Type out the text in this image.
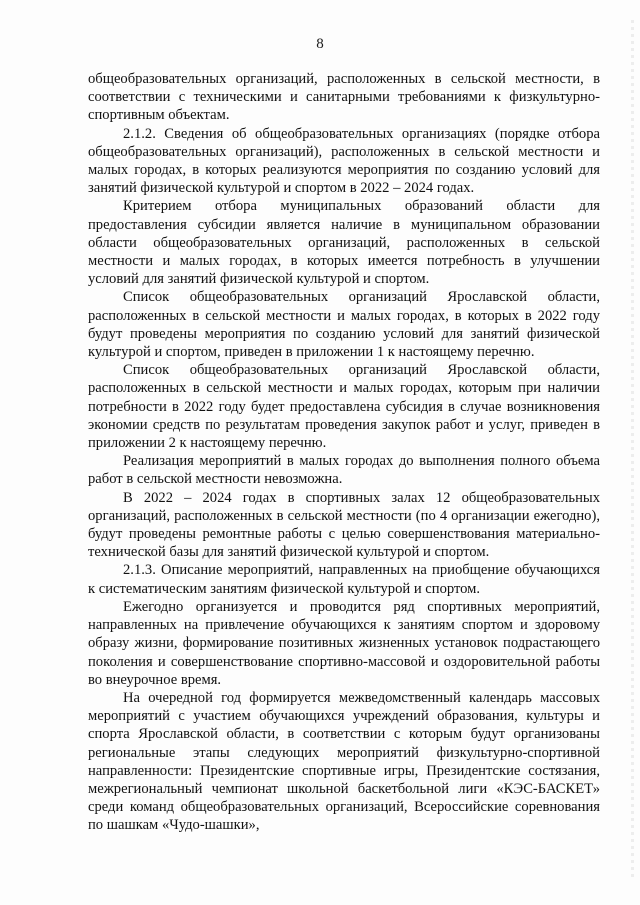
8

общеобразовательных организаций, расположенных в сельской местности, в соответствии с техническими и санитарными требованиями к физкультурно-спортивным объектам.

2.1.2. Сведения об общеобразовательных организациях (порядке отбора общеобразовательных организаций), расположенных в сельской местности и малых городах, в которых реализуются мероприятия по созданию условий для занятий физической культурой и спортом в 2022 – 2024 годах.

Критерием отбора муниципальных образований области для предоставления субсидии является наличие в муниципальном образовании области общеобразовательных организаций, расположенных в сельской местности и малых городах, в которых имеется потребность в улучшении условий для занятий физической культурой и спортом.

Список общеобразовательных организаций Ярославской области, расположенных в сельской местности и малых городах, в которых в 2022 году будут проведены мероприятия по созданию условий для занятий физической культурой и спортом, приведен в приложении 1 к настоящему перечню.

Список общеобразовательных организаций Ярославской области, расположенных в сельской местности и малых городах, которым при наличии потребности в 2022 году будет предоставлена субсидия в случае возникновения экономии средств по результатам проведения закупок работ и услуг, приведен в приложении 2 к настоящему перечню.

Реализация мероприятий в малых городах до выполнения полного объема работ в сельской местности невозможна.

В 2022 – 2024 годах в спортивных залах 12 общеобразовательных организаций, расположенных в сельской местности (по 4 организации ежегодно), будут проведены ремонтные работы с целью совершенствования материально-технической базы для занятий физической культурой и спортом.

2.1.3. Описание мероприятий, направленных на приобщение обучающихся к систематическим занятиям физической культурой и спортом.

Ежегодно организуется и проводится ряд спортивных мероприятий, направленных на привлечение обучающихся к занятиям спортом и здоровому образу жизни, формирование позитивных жизненных установок подрастающего поколения и совершенствование спортивно-массовой и оздоровительной работы во внеурочное время.

На очередной год формируется межведомственный календарь массовых мероприятий с участием обучающихся учреждений образования, культуры и спорта Ярославской области, в соответствии с которым будут организованы региональные этапы следующих мероприятий физкультурно-спортивной направленности: Президентские спортивные игры, Президентские состязания, межрегиональный чемпионат школьной баскетбольной лиги «КЭС-БАСКЕТ» среди команд общеобразовательных организаций, Всероссийские соревнования по шашкам «Чудо-шашки»,
